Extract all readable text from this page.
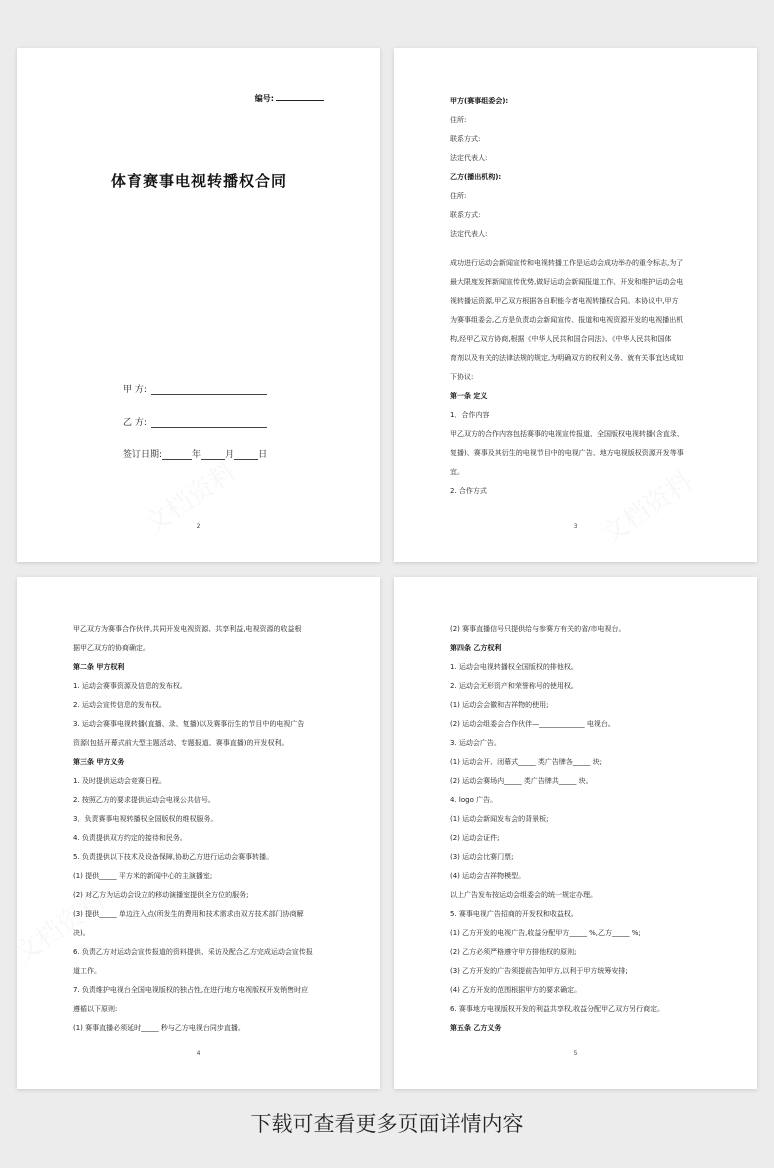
编号:
体育赛事电视转播权合同
甲 方:
乙 方:
签订日期:	年	月	日
2

甲方(赛事组委会):

住所:

联系方式:

法定代表人:

乙方(播出机构):

住所:

联系方式:

法定代表人:

成功进行运动会新闻宣传和电视转播工作是运动会成功举办的重令标志,为了

最大限度发挥新闻宣传优势,做好运动会新闻报道工作、开发和维护运动会电

视转播运资源,甲乙双方根据各自职能今者电视转播权合同。本协议中,甲方

为赛事组委会,乙方是负责动会新闻宣传、报道和电视资源开发的电视播出机

构,经甲乙双方协商,根据《中华人民共和国合同法》、《中华人民共和国体

育剂以及有关的法律法规的规定,为明确双方的权利义务、就有关事宜达成如

下协议:

第一条 定义

1．合作内容

甲乙双方的合作内容包括赛事的电视宣传报道、全国版权电视转播(含直录、

复播)、赛事及其衍生的电视节目中的电视广告、地方电视版权资源开发等事

宜。

2. 合作方式

3

甲乙双方为赛事合作伙伴,共同开发电视资源、共享利益,电视资源的收益根

据甲乙双方的协商确定。

第二条 甲方权利

1. 运动会赛事资源及信息的发布权。

2. 运动会宣传信息的发布权。

3. 运动会赛事电视转播(直播、录、复播)以及赛事衍生的节目中的电视广告

资源(包括开幕式前大型主题活动、专题报道、赛事直播)的开发权利。

第三条 甲方义务

1. 及时提供运动会竞赛日程。

2. 按照乙方的要求提供运动会电视公共信号。

3．负责赛事电视转播权全国版权的维权服务。

4. 负责提供双方约定的接待和民务。

5. 负责提供以下技术及设备保障,协助乙方进行运动会赛事转播。

(1) 提供_____ 平方米的新闻中心的主演播室;

(2) 对乙方为运动会设立的移动演播室提供全方位的服务;

(3) 提供_____ 单边注入点(所发生的费用和技术需求由双方技术部门协商解

决)。

6. 负责乙方对运动会宣传报道的资料提供、采访及配合乙方完成运动会宣传报

道工作。

7. 负责维护电视台全国电视版权的独占性,在进行地方电视版权开发销售时应

遵循以下原则:

(1) 赛事直播必须延时_____ 秒与乙方电视台同步直播。

4

(2) 赛事直播信号只提供给与参赛方有关的省/市电视台。

第四条 乙方权利

1. 运动会电视转播权全国版权的排他权。

2. 运动会无形资产和荣誉称号的使用权。

(1) 运动会会徽和吉祥物的使用;

(2) 运动会组委会合作伙伴—_____________ 电视台。

3. 运动会广告。

(1) 运动会开、闭幕式_____ 类广告牌各_____ 块;

(2) 运动会赛场内_____ 类广告牌共_____ 块。

4. logo 广告。

(1) 运动会新闻发布会的背景板;

(2) 运动会证件;

(3) 运动会比赛门票;

(4) 运动会吉祥物模型。

以上广告发布按运动会组委会的统一规定办理。

5. 赛事电视广告招商的开发权和收益权。

(1) 乙方开发的电视广告,收益分配甲方_____ %,乙方_____ %;

(2) 乙方必须严格遵守甲方排他权的原则;

(3) 乙方开发的广告须提前告知甲方,以利于甲方统筹安排;

(4) 乙方开发的范围根据甲方的要求确定。

6. 赛事地方电视版权开发的利益共享权,收益分配甲乙双方另行商定。

第五条 乙方义务

5
下载可查看更多页面详情内容
